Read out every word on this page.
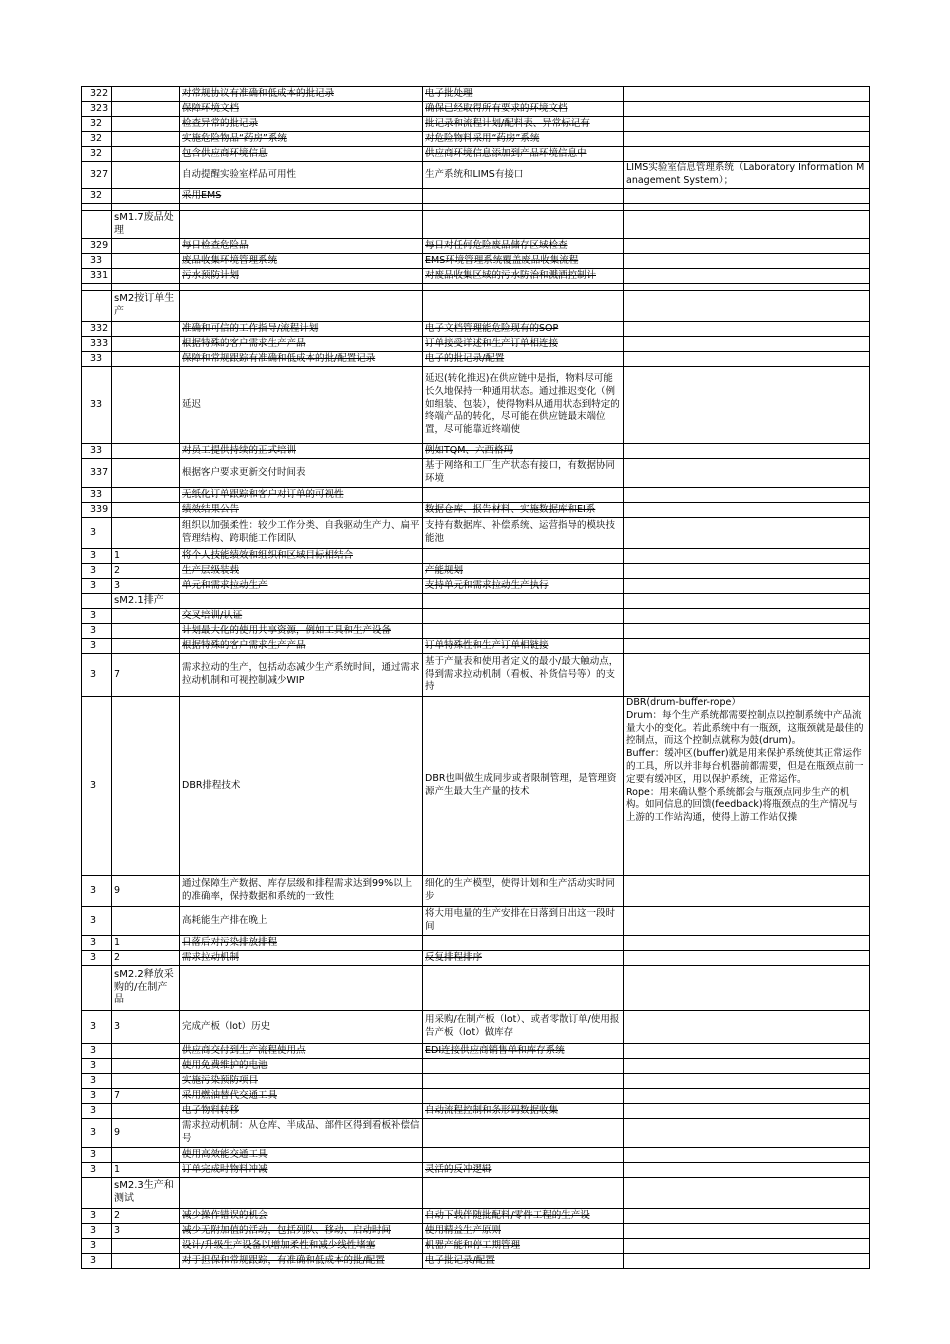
322		对常规协议有准确和低成本的批记录	电子批处理	
323		保障环境文档	确保已经取得所有要求的环境文档	
32		检查异常的批记录	批记录和流程计划/配料表、异常标记有	
32		实施危险物品“药房”系统	对危险物料采用“药房”系统	
32		包含供应商环境信息	供应商环境信息添加到产品环境信息中	
327		自动提醒实验室样品可用性	生产系统和LIMS有接口	LIMS实验室信息管理系统（Laboratory Information Management System）；
32		采用EMS		

	sM1.7废品处理			
329		每日检查危险品	每日对任何危险废品储存区域检查	
33		废品收集环境管理系统	EMS环境管理系统覆盖废品收集流程	
331		污水预防计划	对废品收集区域的污水防治和溅洒控制计	

	sM2按订单生产			
332		准确和可信的工作指导/流程计划	电子文档管理能危险现有的SOP	
333		根据特殊的客户需求生产产品	订单接受详述和生产订单相连接	
33		保障和常规跟踪有准确和低成本的批/配置记录	电子的批记录/配置	
33		延迟	延迟(转化推迟)在供应链中是指，物料尽可能长久地保持一种通用状态。通过推迟变化（例如组装、包装），使得物料从通用状态到特定的终端产品的转化，尽可能在供应链最末端位置，尽可能靠近终端使	
33		对员工提供持续的正式培训	例如TQM、六西格玛	
337		根据客户要求更新交付时间表	基于网络和工厂生产状态有接口，有数据协同环境	
33		无纸化订单跟踪和客户对订单的可视性		
339		绩效结果公告	数据仓库、报告材料、实施数据库和EI系	
3		组织以加强柔性：较少工作分类、自我驱动生产力、扁平管理结构、跨职能工作团队	支持有数据库、补偿系统、运营指导的模块技能池	
3	1	将个人技能绩效和组织和区域目标相结合		
3	2	生产层级装载	产能规划	
3	3	单元和需求拉动生产	支持单元和需求拉动生产执行	
	sM2.1排产			
3		交叉培训/认证		
3		计划最大化的使用共享资源，例如工具和生产设备		
3		根据特殊的客户需求生产产品	订单特殊性和生产订单相链接	
3	7	需求拉动的生产，包括动态减少生产系统时间，通过需求拉动机制和可视控制减少WIP	基于产量表和使用者定义的最小/最大触动点，得到需求拉动机制（看板、补货信号等）的支持	
3		DBR排程技术	DBR也叫做生成同步或者限制管理，是管理资源产生最大生产量的技术	DBR(drum-buffer-rope）
Drum：每个生产系统都需要控制点以控制系统中产品流量大小的变化。若此系统中有一瓶颈，这瓶颈就是最佳的控制点，而这个控制点就称为鼓(drum)。
Buffer：缓冲区(buffer)就是用来保护系统使其正常运作的工具，所以并非每台机器前都需要，但是在瓶颈点前一定要有缓冲区，用以保护系统，正常运作。
Rope：用来确认整个系统都会与瓶颈点同步生产的机构。如同信息的回馈(feedback)将瓶颈点的生产情况与上游的工作站沟通，使得上游工作站仅操
3	9	通过保障生产数据、库存层级和排程需求达到99%以上的准确率，保持数据和系统的一致性	细化的生产模型，使得计划和生产活动实时同步	
3		高耗能生产排在晚上	将大用电量的生产安排在日落到日出这一段时间	
3	1	日落后对污染排放排程		
3	2	需求拉动机制	反复排程排序	
	sM2.2释放采购的/在制产品			
3	3	完成产板（lot）历史	用采购/在制产板（lot）、或者零散订单/使用报告产板（lot）做库存	
3		供应商交付到生产流程使用点	EDI连接供应商销售单和库存系统	
3		使用免费维护的电池		
3		实施污染预防项目		
3	7	采用燃油替代交通工具		
3		电子物料转移	自动流程控制和条形码数据收集	
3	9	需求拉动机制：从仓库、半成品、部件区得到看板补偿信号		
3		使用高效能交通工具		
3	1	订单完成时物料冲减	灵活的反冲逻辑	
	sM2.3生产和测试			
3	2	减少操作错误的机会	自动下载伴随批配料/零件工程的生产设	
3	3	减少无附加值的活动，包括列队、移动、启动时间	使用精益生产原则	
3		设计/升级生产设备以增加柔性和减少线性堵塞	机器产能和停工期管理	
3		对于担保和常规跟踪，有准确和低成本的批/配置	电子批记录/配置	
